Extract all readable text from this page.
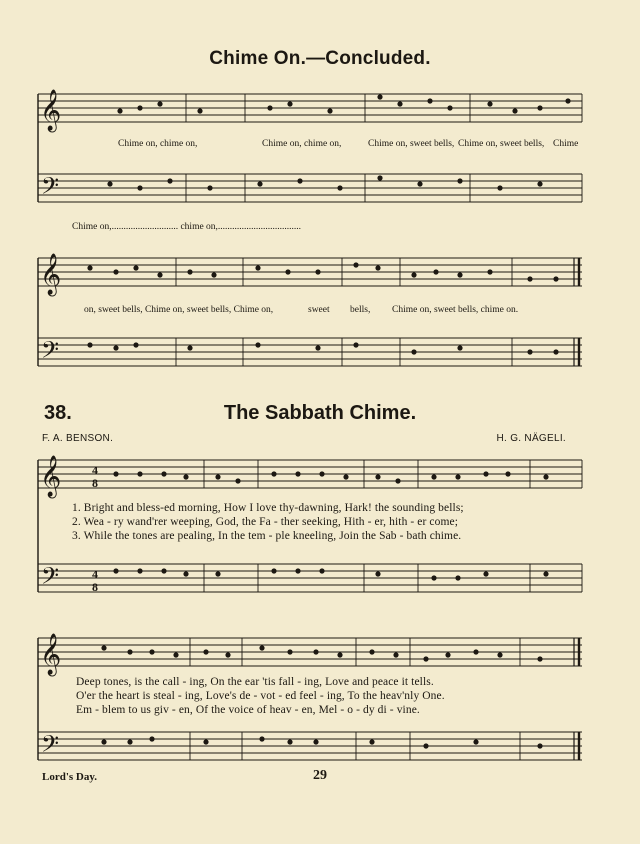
Chime On.—Concluded.
𝄞
𝄢
Chime on, chime on,	Chime on, chime on,	Chime on, sweet bells, Chime on, sweet bells, Chime
Chime on,............................ chime on,...................................
𝄞
𝄢
on, sweet bells, Chime on, sweet bells, Chime on,	sweet bells, Chime on, sweet bells, chime on.
38.	The Sabbath Chime.
F. A. BENSON.	H. G. NÄGELI.
𝄞
𝄢
4
8
4
8
1. Bright and bless-ed morning, How I love thy-dawning, Hark! the sounding bells;
2. Wea - ry wand'rer weeping, God, the Fa - ther seeking, Hith - er, hith - er come;
3. While the tones are pealing, In the tem - ple kneeling, Join the Sab - bath chime.
𝄞
𝄢
Deep tones, is the call - ing, On the ear 'tis fall - ing, Love and peace it tells.
O'er the heart is steal - ing, Love's de - vot - ed feel - ing, To the heav'nly One.
Em - blem to us giv - en, Of the voice of heav - en, Mel - o - dy di - vine.
Lord's Day.	29
